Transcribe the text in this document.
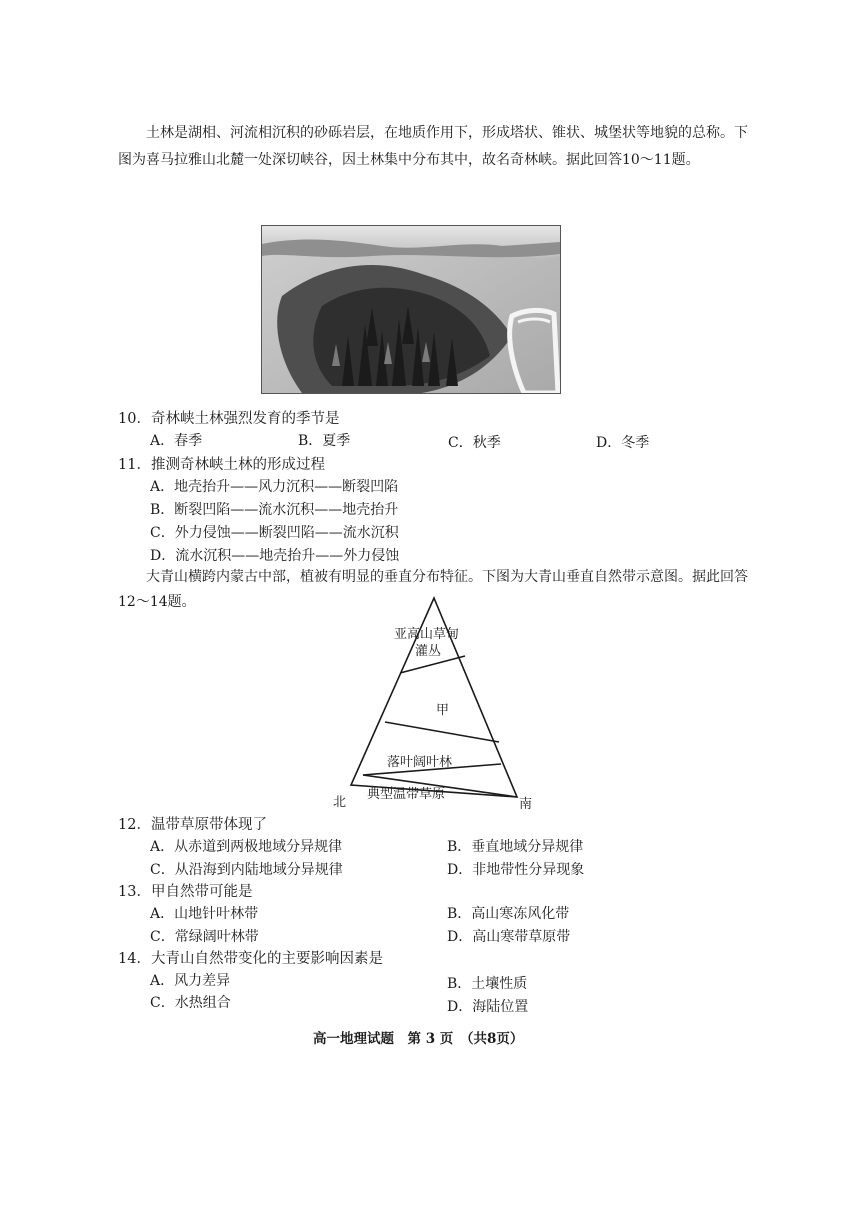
土林是湖相、河流相沉积的砂砾岩层，在地质作用下，形成塔状、锥状、城堡状等地貌的总称。下图为喜马拉雅山北麓一处深切峡谷，因土林集中分布其中，故名奇林峡。据此回答10～11题。
10．奇林峡土林强烈发育的季节是
A．春季	B．夏季	C．秋季	D．冬季
11．推测奇林峡土林的形成过程
A．地壳抬升——风力沉积——断裂凹陷
B．断裂凹陷——流水沉积——地壳抬升
C．外力侵蚀——断裂凹陷——流水沉积
D．流水沉积——地壳抬升——外力侵蚀
大青山横跨内蒙古中部，植被有明显的垂直分布特征。下图为大青山垂直自然带示意图。据此回答12～14题。
亚高山草甸
灌丛
甲
落叶阔叶林
典型温带草原
北	南
12．温带草原带体现了
A．从赤道到两极地域分异规律	B．垂直地域分异规律
C．从沿海到内陆地域分异规律	D．非地带性分异现象
13．甲自然带可能是
A．山地针叶林带	B．高山寒冻风化带
C．常绿阔叶林带	D．高山寒带草原带
14．大青山自然带变化的主要影响因素是
A．风力差异	B．土壤性质
C．水热组合	D．海陆位置
高一地理试题　第 3 页　（共8页）
